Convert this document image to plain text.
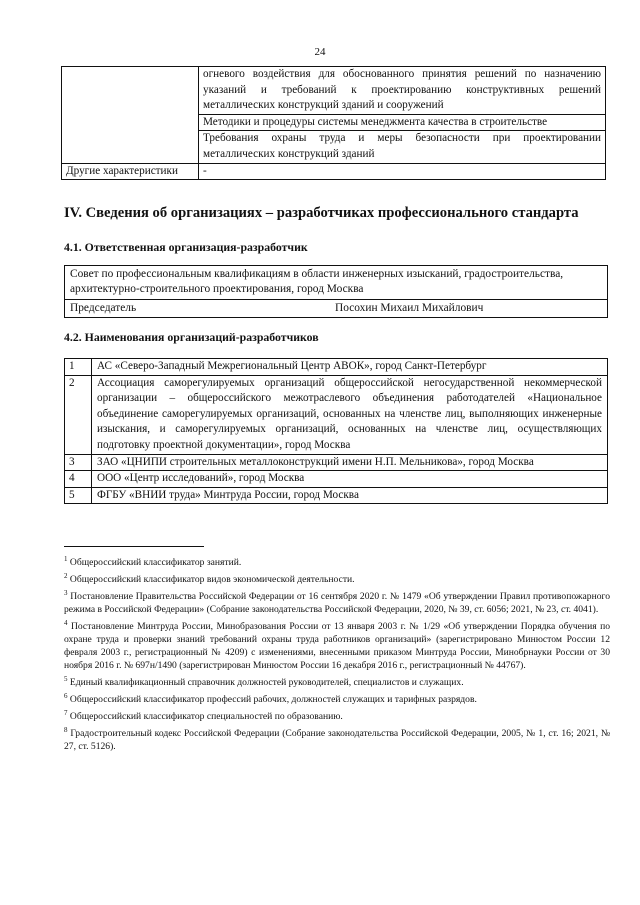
24
	огневого воздействия для обоснованного принятия решений по назначению указаний и требований к проектированию конструктивных решений металлических конструкций зданий и сооружений
	Методики и процедуры системы менеджмента качества в строительстве
	Требования охраны труда и меры безопасности при проектировании металлических конструкций зданий
Другие характеристики	-
IV. Сведения об организациях – разработчиках профессионального стандарта
4.1. Ответственная организация-разработчик
Совет по профессиональным квалификациям в области инженерных изысканий, градостроительства, архитектурно-строительного проектирования, город Москва
Председатель	Посохин Михаил Михайлович
4.2. Наименования организаций-разработчиков
1	АС «Северо-Западный Межрегиональный Центр АВОК», город Санкт-Петербург
2	Ассоциация саморегулируемых организаций общероссийской негосударственной некоммерческой организации – общероссийского межотраслевого объединения работодателей «Национальное объединение саморегулируемых организаций, основанных на членстве лиц, выполняющих инженерные изыскания, и саморегулируемых организаций, основанных на членстве лиц, осуществляющих подготовку проектной документации», город Москва
3	ЗАО «ЦНИПИ строительных металлоконструкций имени Н.П. Мельникова», город Москва
4	ООО «Центр исследований», город Москва
5	ФГБУ «ВНИИ труда» Минтруда России, город Москва
$^1$ Общероссийский классификатор занятий.
$^2$ Общероссийский классификатор видов экономической деятельности.
$^3$ Постановление Правительства Российской Федерации от 16 сентября 2020 г. № 1479 «Об утверждении Правил противопожарного режима в Российской Федерации» (Собрание законодательства Российской Федерации, 2020, № 39, ст. 6056; 2021, № 23, ст. 4041).
$^4$ Постановление Минтруда России, Минобразования России от 13 января 2003 г. № 1/29 «Об утверждении Порядка обучения по охране труда и проверки знаний требований охраны труда работников организаций» (зарегистрировано Минюстом России 12 февраля 2003 г., регистрационный № 4209) с изменениями, внесенными приказом Минтруда России, Минобрнауки России от 30 ноября 2016 г. № 697н/1490 (зарегистрирован Минюстом России 16 декабря 2016 г., регистрационный № 44767).
$^5$ Единый квалификационный справочник должностей руководителей, специалистов и служащих.
$^6$ Общероссийский классификатор профессий рабочих, должностей служащих и тарифных разрядов.
$^7$ Общероссийский классификатор специальностей по образованию.
$^8$ Градостроительный кодекс Российской Федерации (Собрание законодательства Российской Федерации, 2005, № 1, ст. 16; 2021, № 27, ст. 5126).
